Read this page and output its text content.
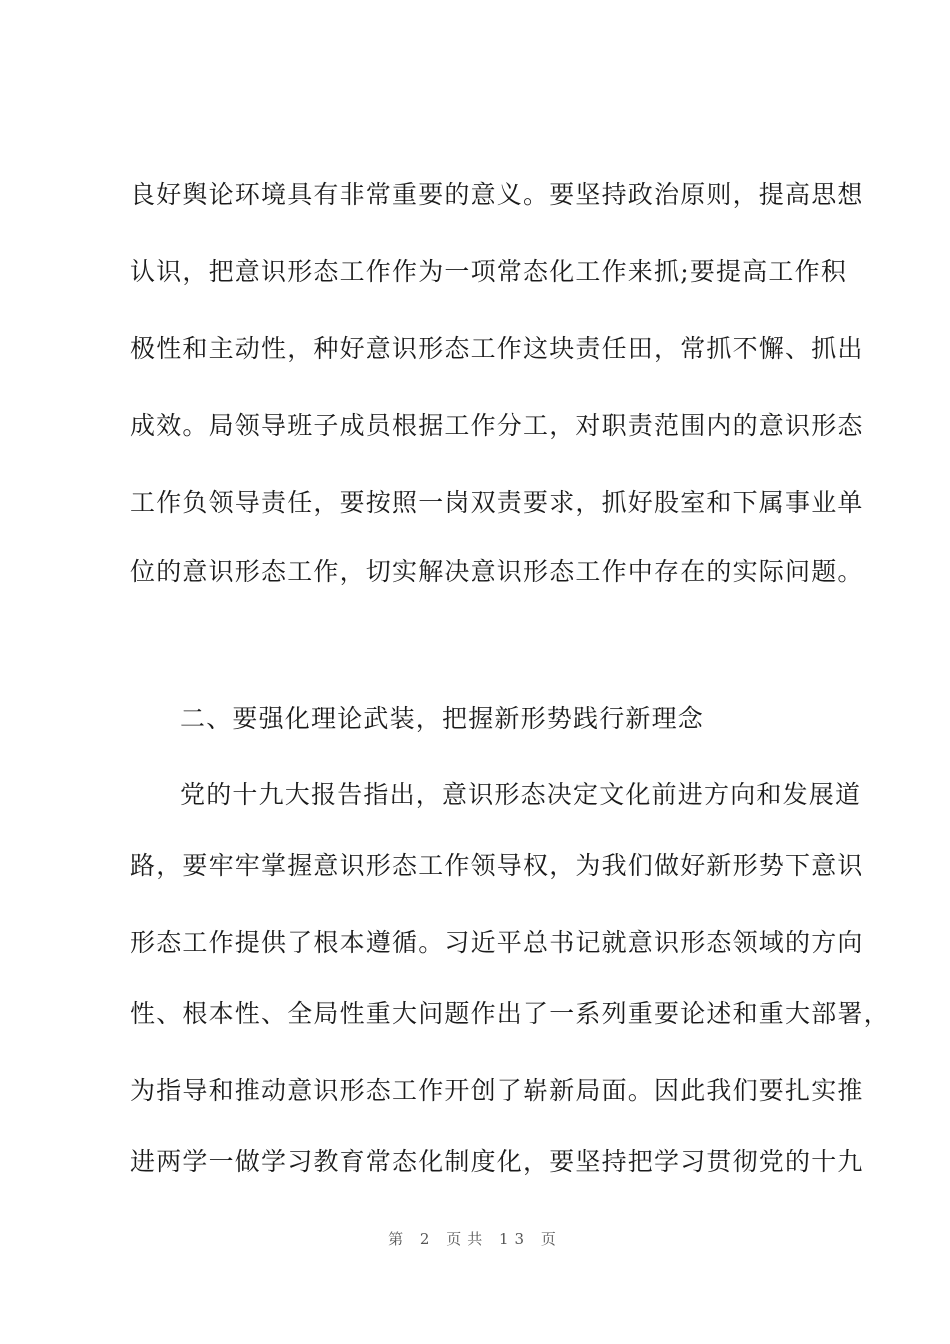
良好舆论环境具有非常重要的意义。要坚持政治原则，提高思想
认识，把意识形态工作作为一项常态化工作来抓;要提高工作积
极性和主动性，种好意识形态工作这块责任田，常抓不懈、抓出
成效。局领导班子成员根据工作分工，对职责范围内的意识形态
工作负领导责任，要按照一岗双责要求，抓好股室和下属事业单
位的意识形态工作，切实解决意识形态工作中存在的实际问题。
二、要强化理论武装，把握新形势践行新理念
党的十九大报告指出，意识形态决定文化前进方向和发展道
路，要牢牢掌握意识形态工作领导权，为我们做好新形势下意识
形态工作提供了根本遵循。习近平总书记就意识形态领域的方向
性、根本性、全局性重大问题作出了一系列重要论述和重大部署，
为指导和推动意识形态工作开创了崭新局面。因此我们要扎实推
进两学一做学习教育常态化制度化，要坚持把学习贯彻党的十九
第 2 页共 13 页
